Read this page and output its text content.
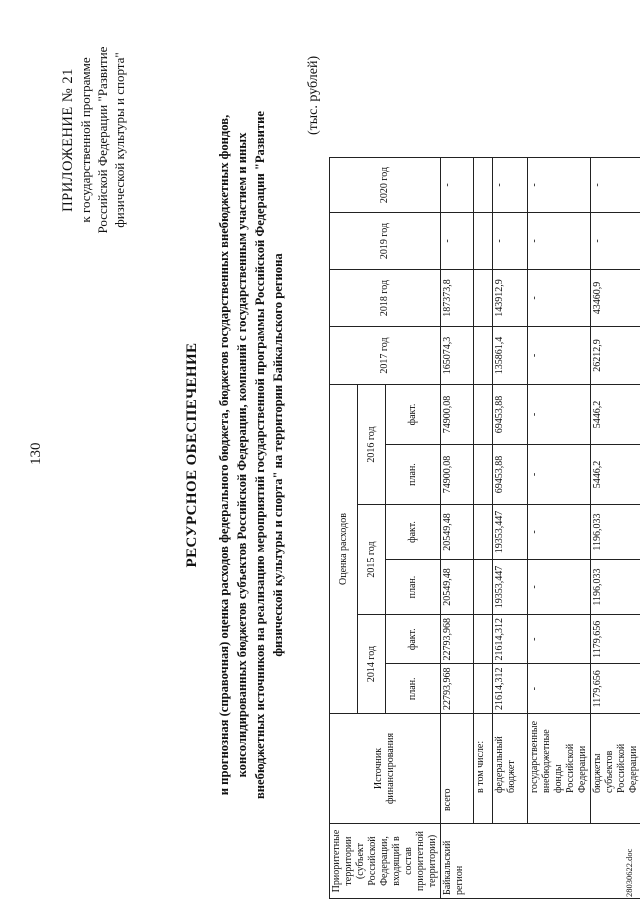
130
ПРИЛОЖЕНИЕ № 21 к государственной программе Российской Федерации "Развитие физической культуры и спорта"
РЕСУРСНОЕ ОБЕСПЕЧЕНИЕ и прогнозная (справочная) оценка расходов федерального бюджета, бюджетов государственных внебюджетных фондов, консолидированных бюджетов субъектов Российской Федерации, компаний с государственным участием и иных внебюджетных источников на реализацию мероприятий государственной программы Российской Федерации "Развитие физической культуры и спорта" на территории Байкальского региона
(тыс. рублей)
Приоритетные территории (субъект Российской Федерации, входящий в состав приоритетной территории)	Источник финансирования	Оценка расходов						2017 год	2018 год	2019 год	2020 год
		2014 год		2015 год		2016 год					
		план.	факт.	план.	факт.	план.	факт.				
Байкальский регион	всего	22793,968	22793,968	20549,48	20549,48	74900,08	74900,08	165074,3	187373,8	-	-
	в том числе:										
	федеральный бюджет	21614,312	21614,312	19353,447	19353,447	69453,88	69453,88	135861,4	143912,9	-	-
	государственные внебюджетные фонды Российской Федерации	-	-	-	-	-	-	-	-	-	-
	бюджеты субъектов Российской Федерации	1179,656	1179,656	1196,033	1196,033	5446,2	5446,2	26212,9	43460,9	-	-
28030622.doc
